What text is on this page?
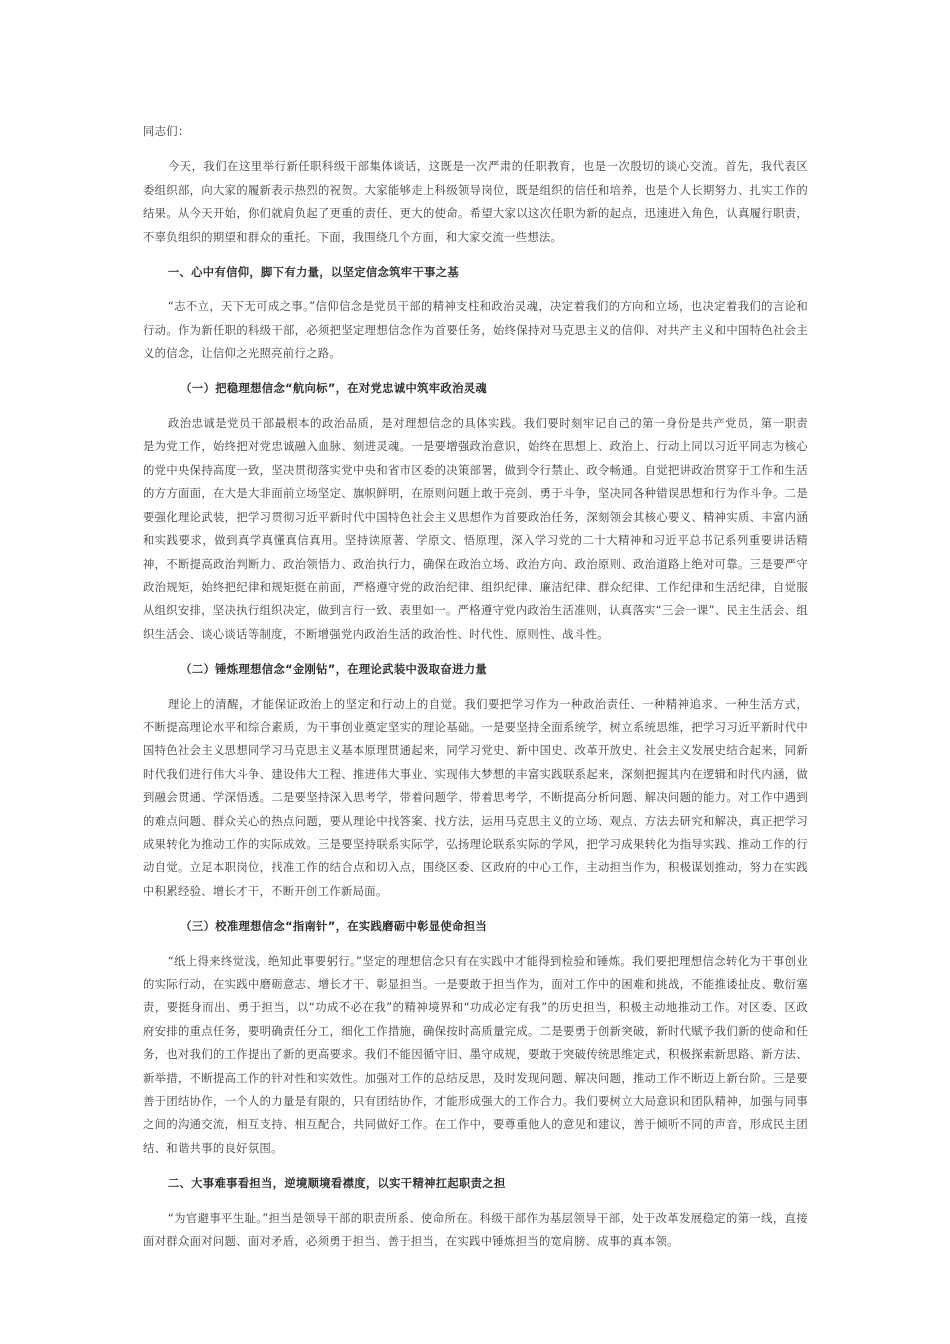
同志们：

今天，我们在这里举行新任职科级干部集体谈话，这既是一次严肃的任职教育，也是一次殷切的谈心交流。首先，我代表区委组织部，向大家的履新表示热烈的祝贺。大家能够走上科级领导岗位，既是组织的信任和培养，也是个人长期努力、扎实工作的结果。从今天开始，你们就肩负起了更重的责任、更大的使命。希望大家以这次任职为新的起点，迅速进入角色，认真履行职责，不辜负组织的期望和群众的重托。下面，我围绕几个方面，和大家交流一些想法。

一、心中有信仰，脚下有力量，以坚定信念筑牢干事之基

“志不立，天下无可成之事。”信仰信念是党员干部的精神支柱和政治灵魂，决定着我们的方向和立场，也决定着我们的言论和行动。作为新任职的科级干部，必须把坚定理想信念作为首要任务，始终保持对马克思主义的信仰、对共产主义和中国特色社会主义的信念，让信仰之光照亮前行之路。

（一）把稳理想信念“航向标”，在对党忠诚中筑牢政治灵魂

政治忠诚是党员干部最根本的政治品质，是对理想信念的具体实践。我们要时刻牢记自己的第一身份是共产党员，第一职责是为党工作，始终把对党忠诚融入血脉、刻进灵魂。一是要增强政治意识，始终在思想上、政治上、行动上同以习近平同志为核心的党中央保持高度一致，坚决贯彻落实党中央和省市区委的决策部署，做到令行禁止、政令畅通。自觉把讲政治贯穿于工作和生活的方方面面，在大是大非面前立场坚定、旗帜鲜明，在原则问题上敢于亮剑、勇于斗争，坚决同各种错误思想和行为作斗争。二是要强化理论武装，把学习贯彻习近平新时代中国特色社会主义思想作为首要政治任务，深刻领会其核心要义、精神实质、丰富内涵和实践要求，做到真学真懂真信真用。坚持读原著、学原文、悟原理，深入学习党的二十大精神和习近平总书记系列重要讲话精神，不断提高政治判断力、政治领悟力、政治执行力，确保在政治立场、政治方向、政治原则、政治道路上绝对可靠。三是要严守政治规矩，始终把纪律和规矩挺在前面，严格遵守党的政治纪律、组织纪律、廉洁纪律、群众纪律、工作纪律和生活纪律，自觉服从组织安排，坚决执行组织决定，做到言行一致、表里如一。严格遵守党内政治生活准则，认真落实“三会一课”、民主生活会、组织生活会、谈心谈话等制度，不断增强党内政治生活的政治性、时代性、原则性、战斗性。

（二）锤炼理想信念“金刚钻”，在理论武装中汲取奋进力量

理论上的清醒，才能保证政治上的坚定和行动上的自觉。我们要把学习作为一种政治责任、一种精神追求、一种生活方式，不断提高理论水平和综合素质，为干事创业奠定坚实的理论基础。一是要坚持全面系统学，树立系统思维，把学习习近平新时代中国特色社会主义思想同学习马克思主义基本原理贯通起来，同学习党史、新中国史、改革开放史、社会主义发展史结合起来，同新时代我们进行伟大斗争、建设伟大工程、推进伟大事业、实现伟大梦想的丰富实践联系起来，深刻把握其内在逻辑和时代内涵，做到融会贯通、学深悟透。二是要坚持深入思考学，带着问题学、带着思考学，不断提高分析问题、解决问题的能力。对工作中遇到的难点问题、群众关心的热点问题，要从理论中找答案、找方法，运用马克思主义的立场、观点、方法去研究和解决，真正把学习成果转化为推动工作的实际成效。三是要坚持联系实际学，弘扬理论联系实际的学风，把学习成果转化为指导实践、推动工作的行动自觉。立足本职岗位，找准工作的结合点和切入点，围绕区委、区政府的中心工作，主动担当作为，积极谋划推动，努力在实践中积累经验、增长才干，不断开创工作新局面。

（三）校准理想信念“指南针”，在实践磨砺中彰显使命担当

“纸上得来终觉浅，绝知此事要躬行。”坚定的理想信念只有在实践中才能得到检验和锤炼。我们要把理想信念转化为干事创业的实际行动，在实践中磨砺意志、增长才干、彰显担当。一是要敢于担当作为，面对工作中的困难和挑战，不能推诿扯皮、敷衍塞责，要挺身而出、勇于担当，以“功成不必在我”的精神境界和“功成必定有我”的历史担当，积极主动地推动工作。对区委、区政府安排的重点任务，要明确责任分工，细化工作措施，确保按时高质量完成。二是要勇于创新突破，新时代赋予我们新的使命和任务，也对我们的工作提出了新的更高要求。我们不能因循守旧、墨守成规，要敢于突破传统思维定式，积极探索新思路、新方法、新举措，不断提高工作的针对性和实效性。加强对工作的总结反思，及时发现问题、解决问题，推动工作不断迈上新台阶。三是要善于团结协作，一个人的力量是有限的，只有团结协作，才能形成强大的工作合力。我们要树立大局意识和团队精神，加强与同事之间的沟通交流，相互支持、相互配合，共同做好工作。在工作中，要尊重他人的意见和建议，善于倾听不同的声音，形成民主团结、和谐共事的良好氛围。

二、大事难事看担当，逆境顺境看襟度，以实干精神扛起职责之担

“为官避事平生耻。”担当是领导干部的职责所系、使命所在。科级干部作为基层领导干部，处于改革发展稳定的第一线，直接面对群众面对问题、面对矛盾，必须勇于担当、善于担当，在实践中锤炼担当的宽肩膀、成事的真本领。
